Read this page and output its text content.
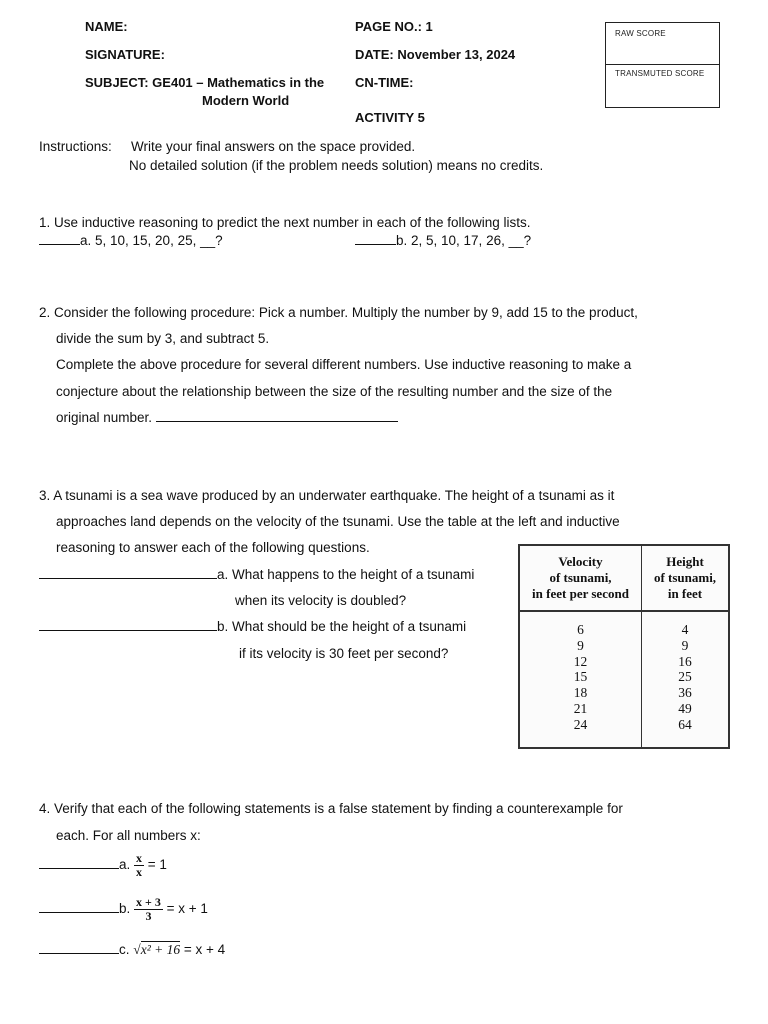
NAME:
SIGNATURE:
SUBJECT: GE401 – Mathematics in the
Modern World
PAGE NO.: 1
DATE: November 13, 2024
CN-TIME:
ACTIVITY 5
RAW SCORE
TRANSMUTED SCORE
Instructions: Write your final answers on the space provided.
No detailed solution (if the problem needs solution) means no credits.
1. Use inductive reasoning to predict the next number in each of the following lists.
a. 5, 10, 15, 20, 25, __?	b. 2, 5, 10, 17, 26, __?
2. Consider the following procedure: Pick a number. Multiply the number by 9, add 15 to the product,
divide the sum by 3, and subtract 5.
Complete the above procedure for several different numbers. Use inductive reasoning to make a
conjecture about the relationship between the size of the resulting number and the size of the
original number.
3. A tsunami is a sea wave produced by an underwater earthquake. The height of a tsunami as it
approaches land depends on the velocity of the tsunami. Use the table at the left and inductive
reasoning to answer each of the following questions.
a. What happens to the height of a tsunami
when its velocity is doubled?
b. What should be the height of a tsunami
if its velocity is 30 feet per second?
Velocity
of tsunami,
in feet per second
Height
of tsunami,
in feet
6	4
9	9
12	16
15	25
18	36
21	49
24	64
4. Verify that each of the following statements is a false statement by finding a counterexample for
each. For all numbers x:
a. $\frac{x}{x} = 1$
b. $\frac{x + 3}{3} = x + 1$
c. √x² + 16 = x + 4
